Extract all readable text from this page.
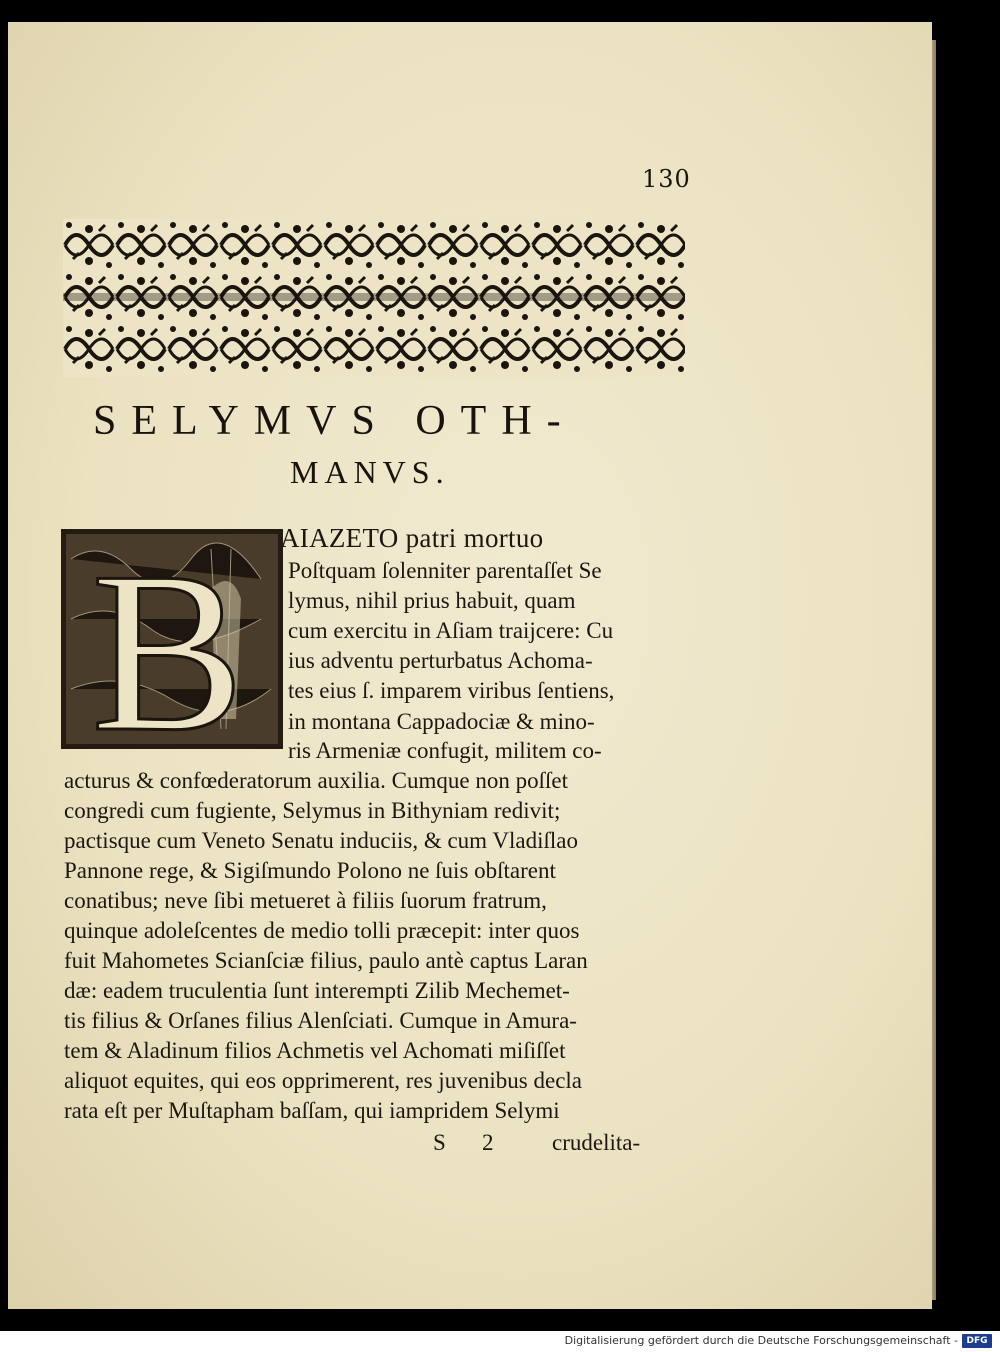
130
SELYMVS OTH-
MANVS.
B AIAZETO patri mortuo
Poſtquam ſolenniter parentaſſet Se
lymus, nihil prius habuit, quam
cum exercitu in Aſiam traijcere: Cu
ius adventu perturbatus Achoma-
tes eius ſ. imparem viribus ſentiens,
in montana Cappadociæ & mino-
ris Armeniæ confugit, militem co-
acturus & confœderatorum auxilia. Cumque non poſſet
congredi cum fugiente, Selymus in Bithyniam redivit;
pactisque cum Veneto Senatu induciis, & cum Vladiſlao
Pannone rege, & Sigiſmundo Polono ne ſuis obſtarent
conatibus; neve ſibi metueret à filiis ſuorum fratrum,
quinque adoleſcentes de medio tolli præcepit: inter quos
fuit Mahometes Scianſciæ filius, paulo antè captus Laran
dæ: eadem truculentia ſunt interempti Zilib Mechemet-
tis filius & Orſanes filius Alenſciati. Cumque in Amura-
tem & Aladinum filios Achmetis vel Achomati miſiſſet
aliquot equites, qui eos opprimerent, res juvenibus decla
rata eſt per Muſtapham baſſam, qui iampridem Selymi
S 2	crudelita-
Digitalisierung gefördert durch die Deutsche Forschungsgemeinschaft - DFG
